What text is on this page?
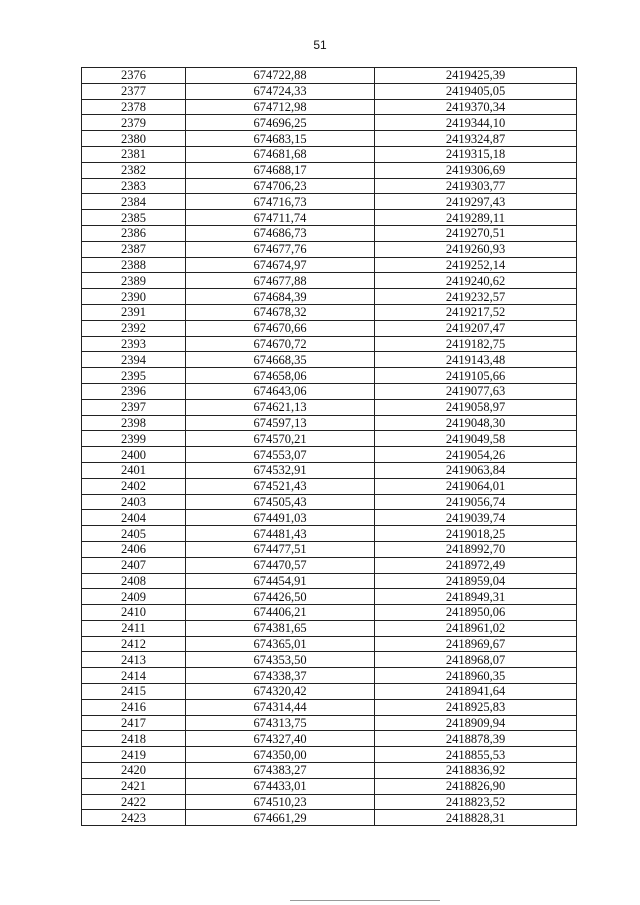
51
2376	674722,88	2419425,39
2377	674724,33	2419405,05
2378	674712,98	2419370,34
2379	674696,25	2419344,10
2380	674683,15	2419324,87
2381	674681,68	2419315,18
2382	674688,17	2419306,69
2383	674706,23	2419303,77
2384	674716,73	2419297,43
2385	674711,74	2419289,11
2386	674686,73	2419270,51
2387	674677,76	2419260,93
2388	674674,97	2419252,14
2389	674677,88	2419240,62
2390	674684,39	2419232,57
2391	674678,32	2419217,52
2392	674670,66	2419207,47
2393	674670,72	2419182,75
2394	674668,35	2419143,48
2395	674658,06	2419105,66
2396	674643,06	2419077,63
2397	674621,13	2419058,97
2398	674597,13	2419048,30
2399	674570,21	2419049,58
2400	674553,07	2419054,26
2401	674532,91	2419063,84
2402	674521,43	2419064,01
2403	674505,43	2419056,74
2404	674491,03	2419039,74
2405	674481,43	2419018,25
2406	674477,51	2418992,70
2407	674470,57	2418972,49
2408	674454,91	2418959,04
2409	674426,50	2418949,31
2410	674406,21	2418950,06
2411	674381,65	2418961,02
2412	674365,01	2418969,67
2413	674353,50	2418968,07
2414	674338,37	2418960,35
2415	674320,42	2418941,64
2416	674314,44	2418925,83
2417	674313,75	2418909,94
2418	674327,40	2418878,39
2419	674350,00	2418855,53
2420	674383,27	2418836,92
2421	674433,01	2418826,90
2422	674510,23	2418823,52
2423	674661,29	2418828,31
